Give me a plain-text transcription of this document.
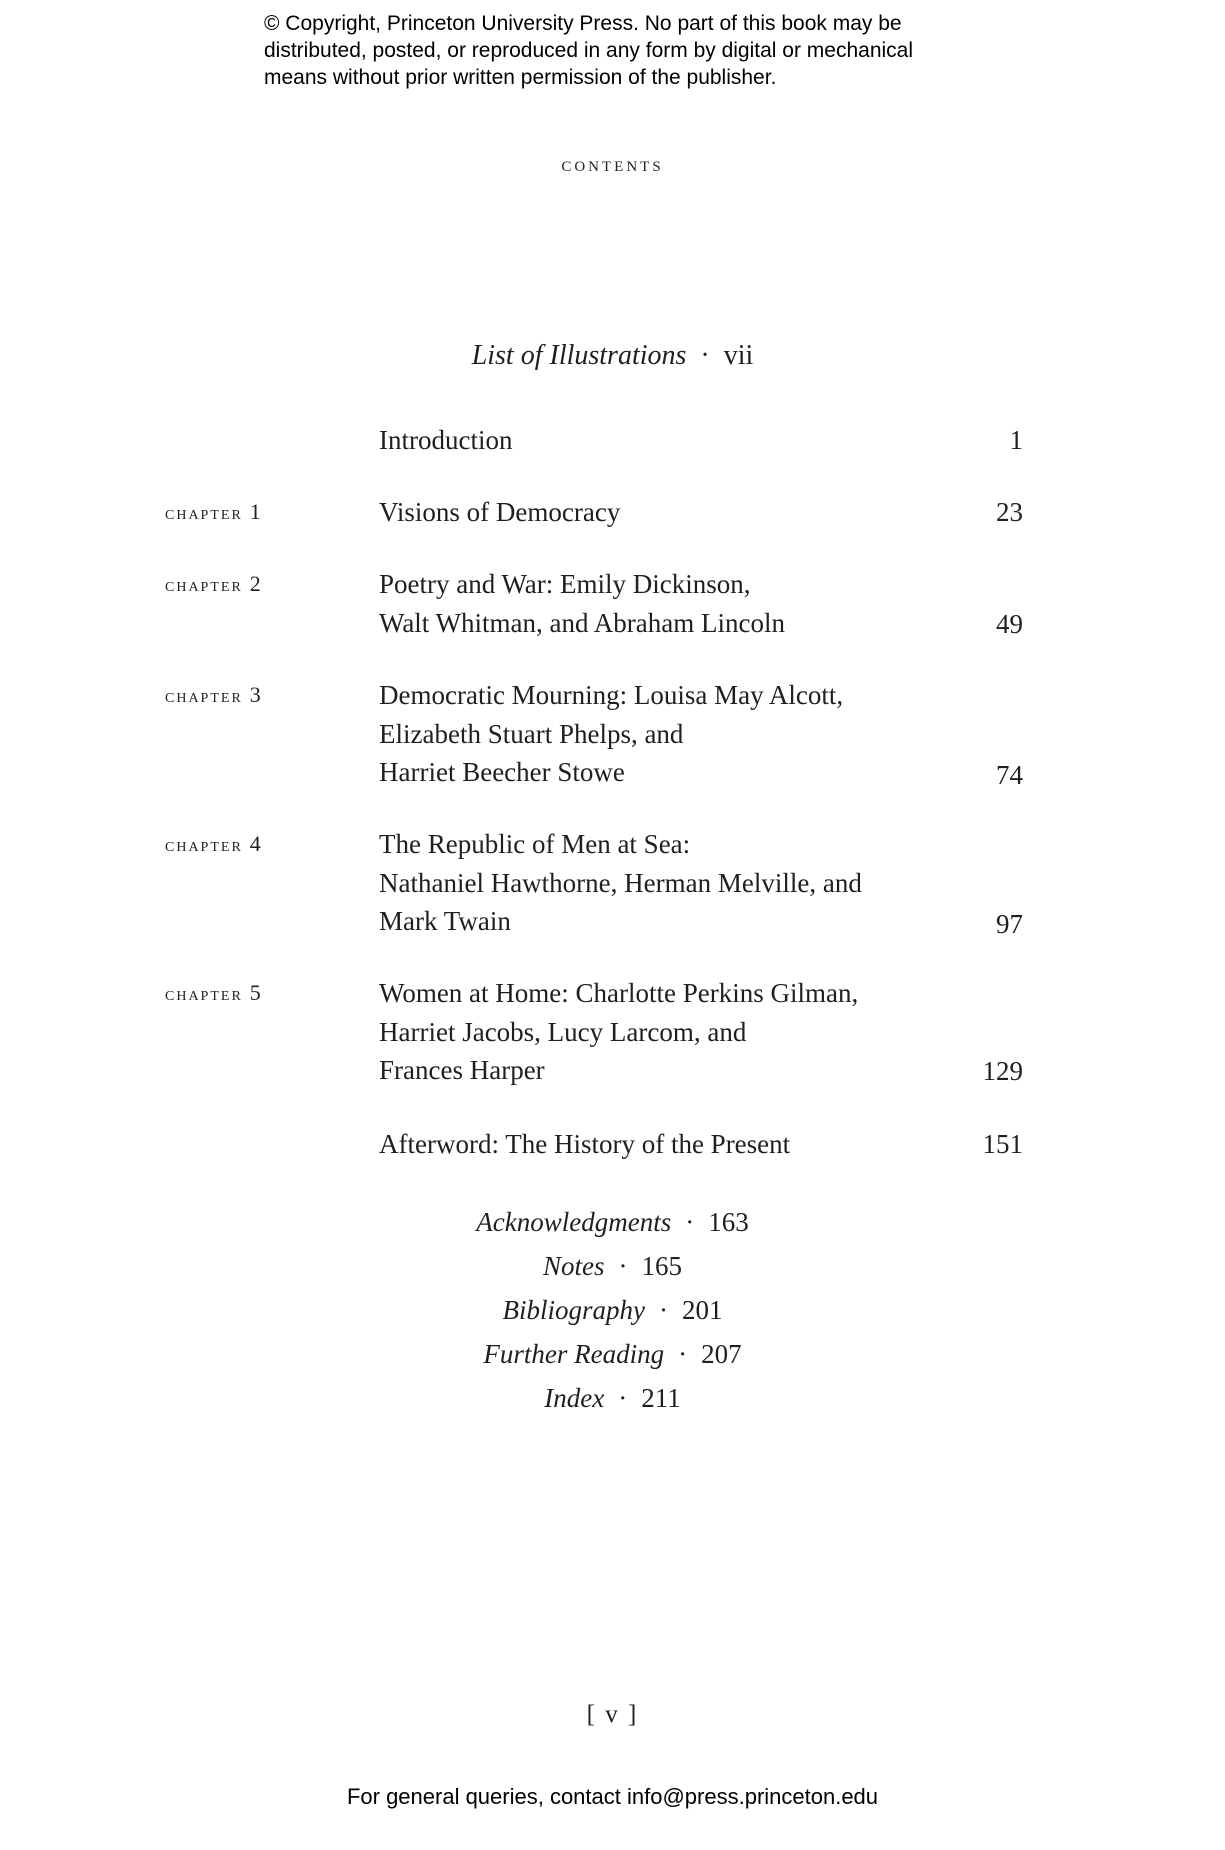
© Copyright, Princeton University Press. No part of this book may be
distributed, posted, or reproduced in any form by digital or mechanical
means without prior written permission of the publisher.
contents
List of Illustrations · vii
Introduction	1
chapter 1	Visions of Democracy	23
chapter 2	Poetry and War: Emily Dickinson,
Walt Whitman, and Abraham Lincoln	49
chapter 3	Democratic Mourning: Louisa May Alcott,
Elizabeth Stuart Phelps, and
Harriet Beecher Stowe	74
chapter 4	The Republic of Men at Sea:
Nathaniel Hawthorne, Herman Melville, and
Mark Twain	97
chapter 5	Women at Home: Charlotte Perkins Gilman,
Harriet Jacobs, Lucy Larcom, and
Frances Harper	129
Afterword: The History of the Present	151
Acknowledgments · 163
Notes · 165
Bibliography · 201
Further Reading · 207
Index · 211
[ v ]
For general queries, contact info@press.princeton.edu
